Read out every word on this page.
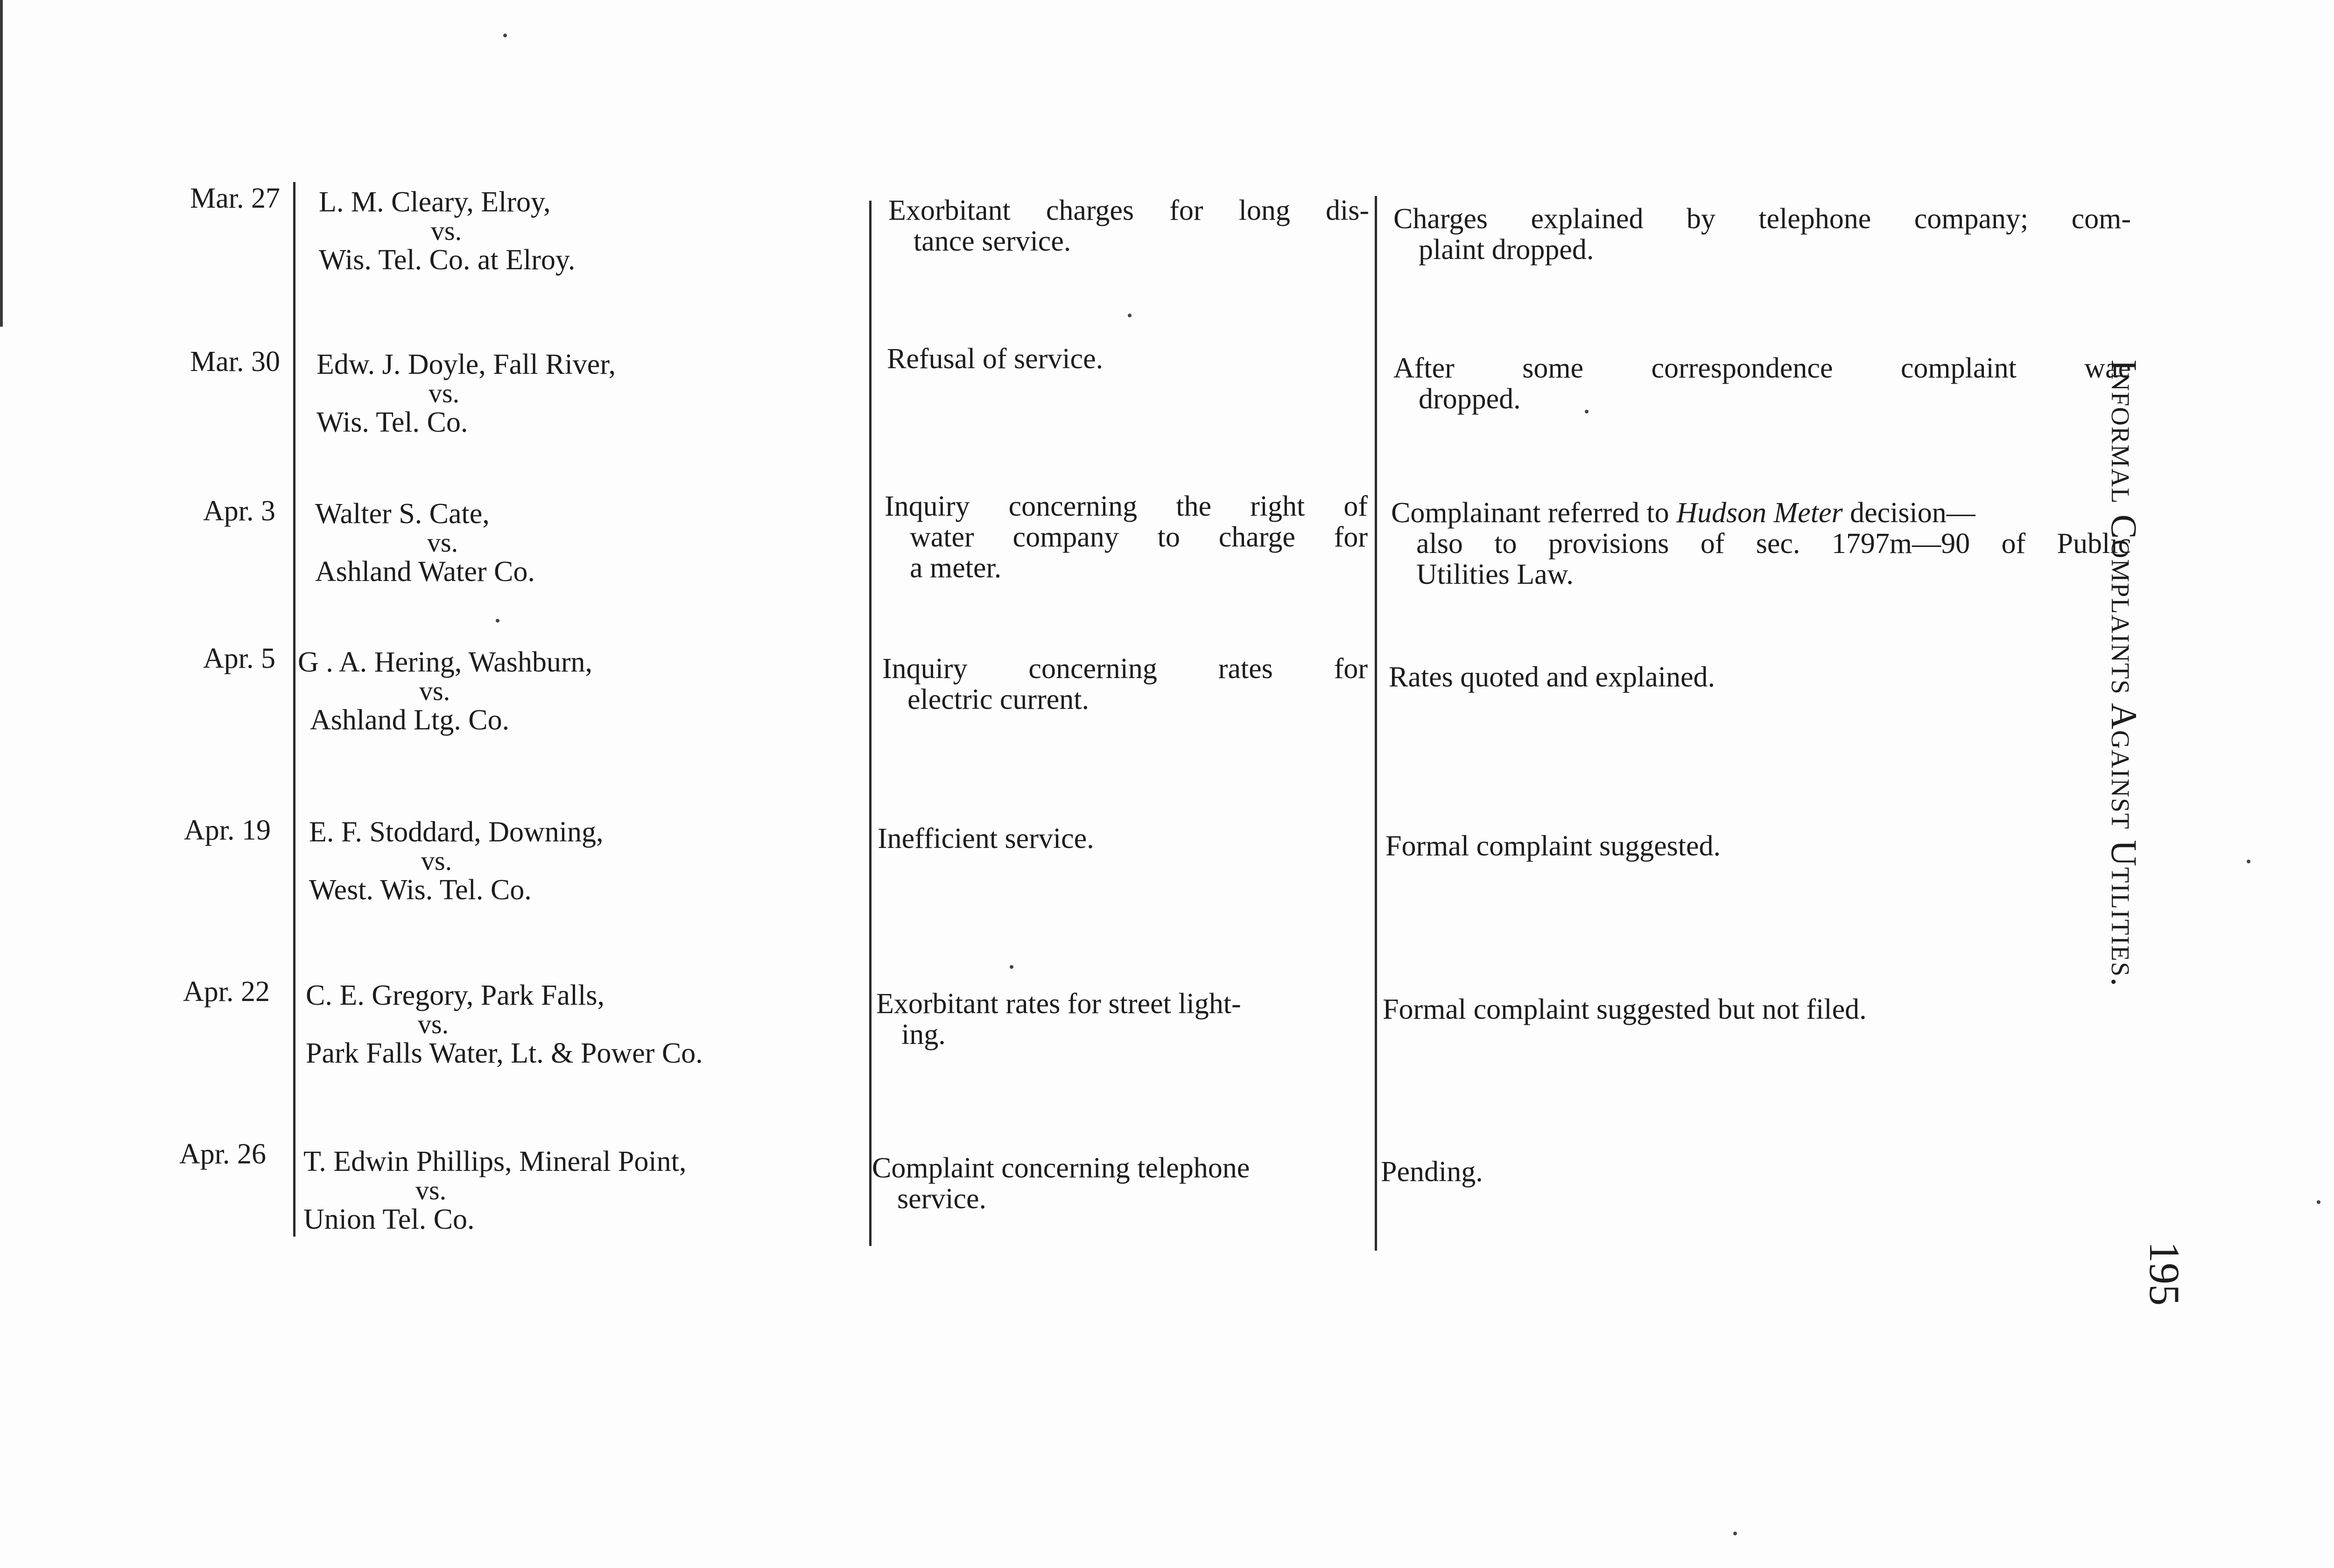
Mar. 27 L. M. Cleary, Elroy,
vs.
Wis. Tel. Co. at Elroy.
Exorbitant charges for long dis-
tance service.
Charges explained by telephone company; com-
plaint dropped.
Mar. 30 Edw. J. Doyle, Fall River,
vs.
Wis. Tel. Co.
Refusal of service.	After some correspondence complaint wae
dropped.
Apr. 3 Walter S. Cate,
vs.
Ashland Water Co.
Inquiry concerning the right of
water company to charge for
a meter.
Complainant referred to Hudson Meter decision—
also to provisions of sec. 1797m—90 of Public
Utilities Law.
Apr. 5 G . A. Hering, Washburn,
vs.
Ashland Ltg. Co.
Inquiry concerning rates for
electric current.
Rates quoted and explained.
Apr. 19 E. F. Stoddard, Downing,
vs.
West. Wis. Tel. Co.
Inefficient service.	Formal complaint suggested.
Apr. 22 C. E. Gregory, Park Falls,
vs.
Park Falls Water, Lt. & Power Co.
Exorbitant rates for street light-
ing.
Formal complaint suggested but not filed.
Apr. 26 T. Edwin Phillips, Mineral Point,
vs.
Union Tel. Co.
Complaint concerning telephone
service.
Pending.
Informal Complaints Against Utilities.
195
